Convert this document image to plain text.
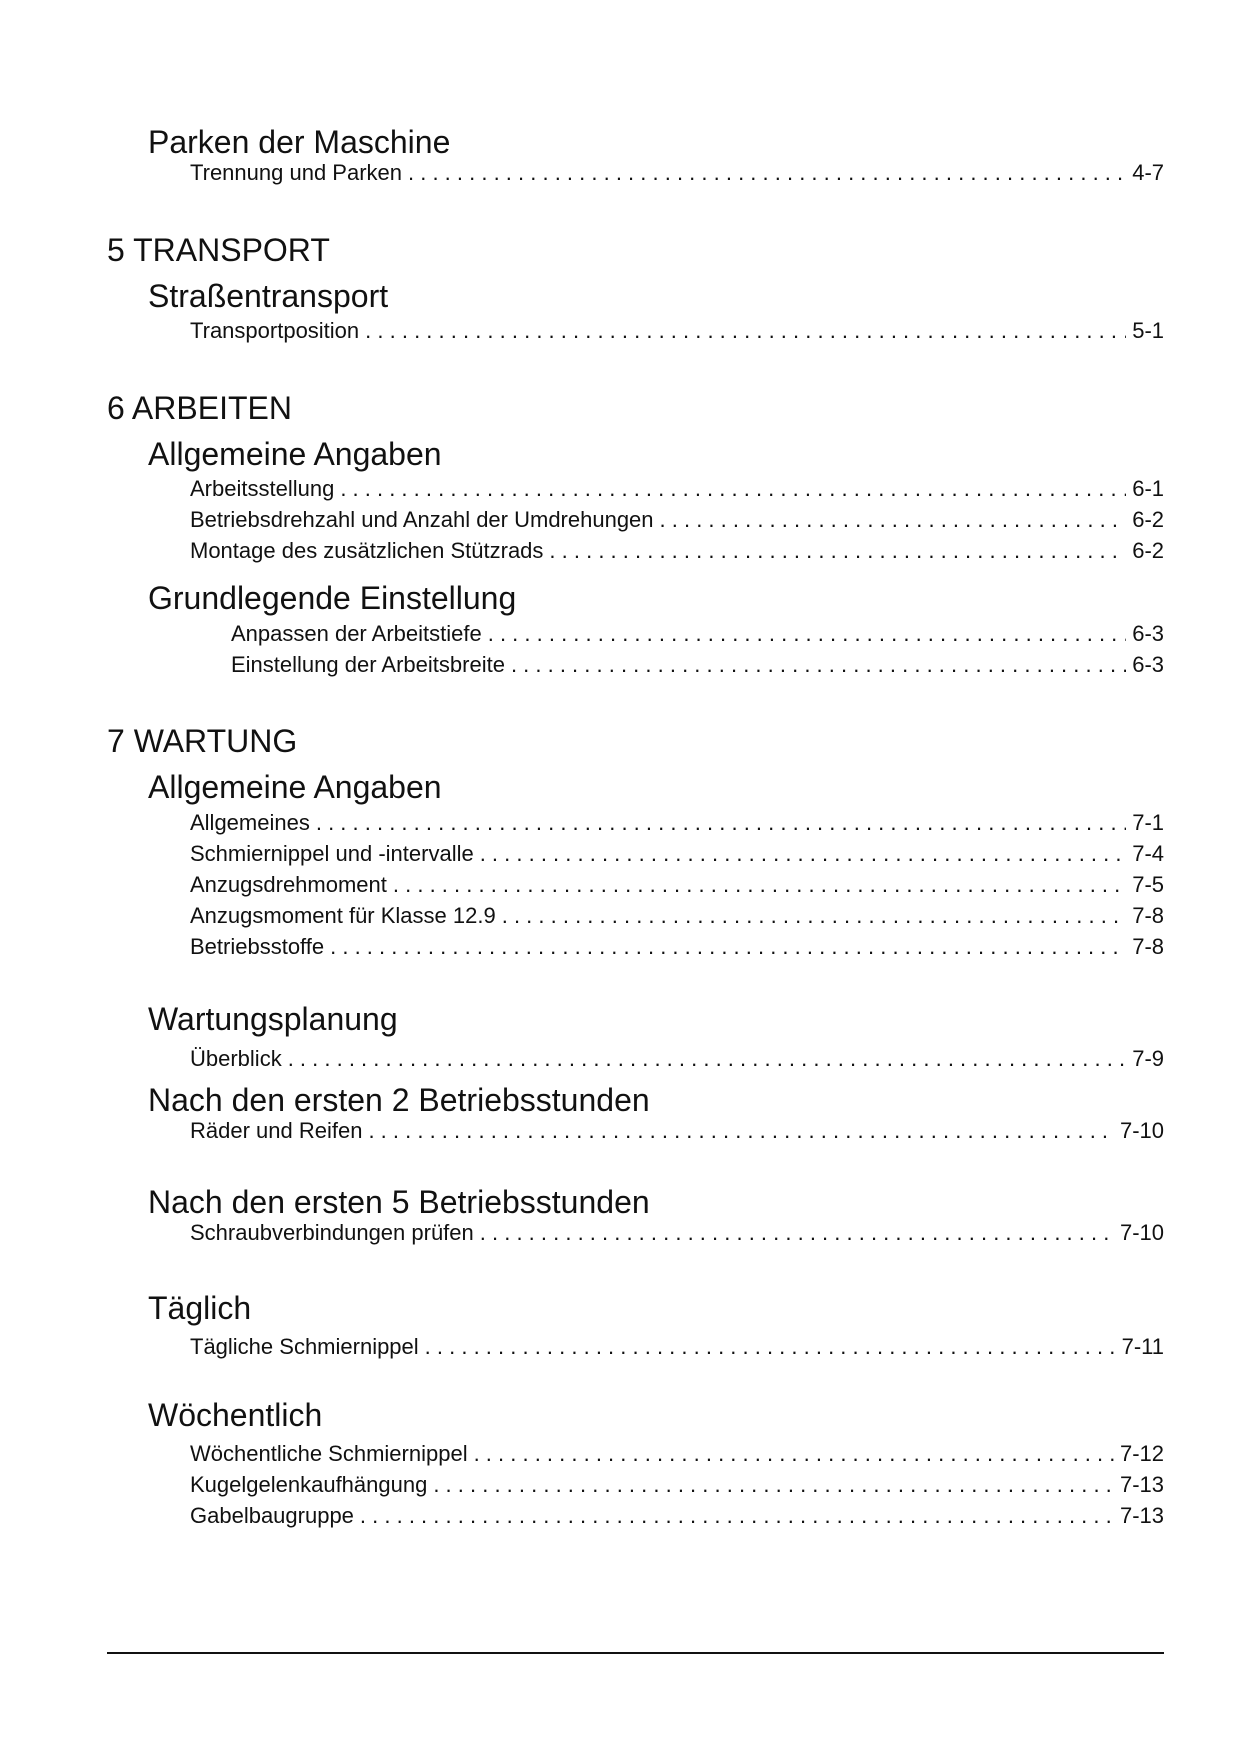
Parken der Maschine
Trennung und Parken . . .	4-7
5 TRANSPORT
Straßentransport
Transportposition . . .	5-1
6 ARBEITEN
Allgemeine Angaben
Arbeitsstellung . . .	6-1
Betriebsdrehzahl und Anzahl der Umdrehungen . . .	6-2
Montage des zusätzlichen Stützrads . . .	6-2
Grundlegende Einstellung
Anpassen der Arbeitstiefe . . .	6-3
Einstellung der Arbeitsbreite . . .	6-3
7 WARTUNG
Allgemeine Angaben
Allgemeines . . .	7-1
Schmiernippel und -intervalle . . .	7-4
Anzugsdrehmoment . . .	7-5
Anzugsmoment für Klasse 12.9 . . .	7-8
Betriebsstoffe . . .	7-8
Wartungsplanung
Überblick . . .	7-9
Nach den ersten 2 Betriebsstunden
Räder und Reifen . . .	7-10
Nach den ersten 5 Betriebsstunden
Schraubverbindungen prüfen . . .	7-10
Täglich
Tägliche Schmiernippel . . .	7-11
Wöchentlich
Wöchentliche Schmiernippel . . .	7-12
Kugelgelenkaufhängung . . .	7-13
Gabelbaugruppe . . .	7-13
